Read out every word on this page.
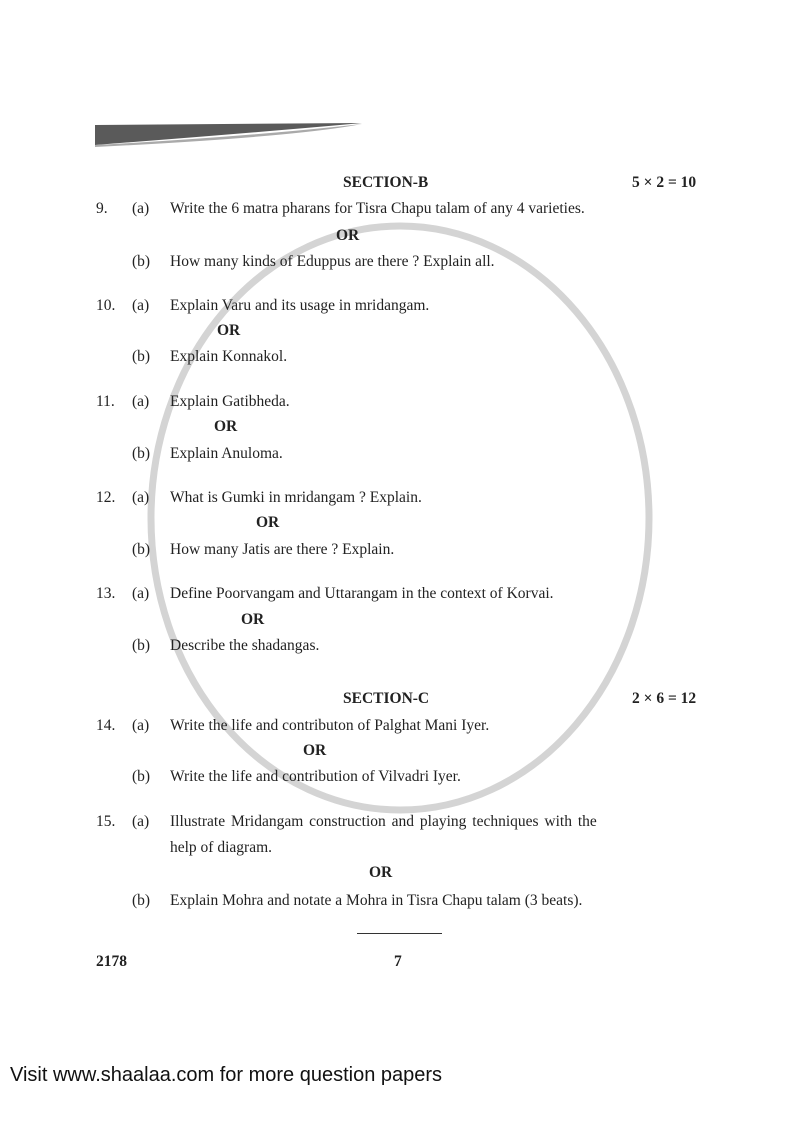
SECTION-B	5 × 2 = 10
9. (a) Write the 6 matra pharans for Tisra Chapu talam of any 4 varieties.
OR
(b) How many kinds of Eduppus are there ? Explain all.
10. (a) Explain Varu and its usage in mridangam.
OR
(b) Explain Konnakol.
11. (a) Explain Gatibheda.
OR
(b) Explain Anuloma.
12. (a) What is Gumki in mridangam ? Explain.
OR
(b) How many Jatis are there ? Explain.
13. (a) Define Poorvangam and Uttarangam in the context of Korvai.
OR
(b) Describe the shadangas.
SECTION-C	2 × 6 = 12
14. (a) Write the life and contributon of Palghat Mani Iyer.
OR
(b) Write the life and contribution of Vilvadri Iyer.
15. (a) Illustrate Mridangam construction and playing techniques with the
help of diagram.
OR
(b) Explain Mohra and notate a Mohra in Tisra Chapu talam (3 beats).
2178	7
Visit www.shaalaa.com for more question papers
